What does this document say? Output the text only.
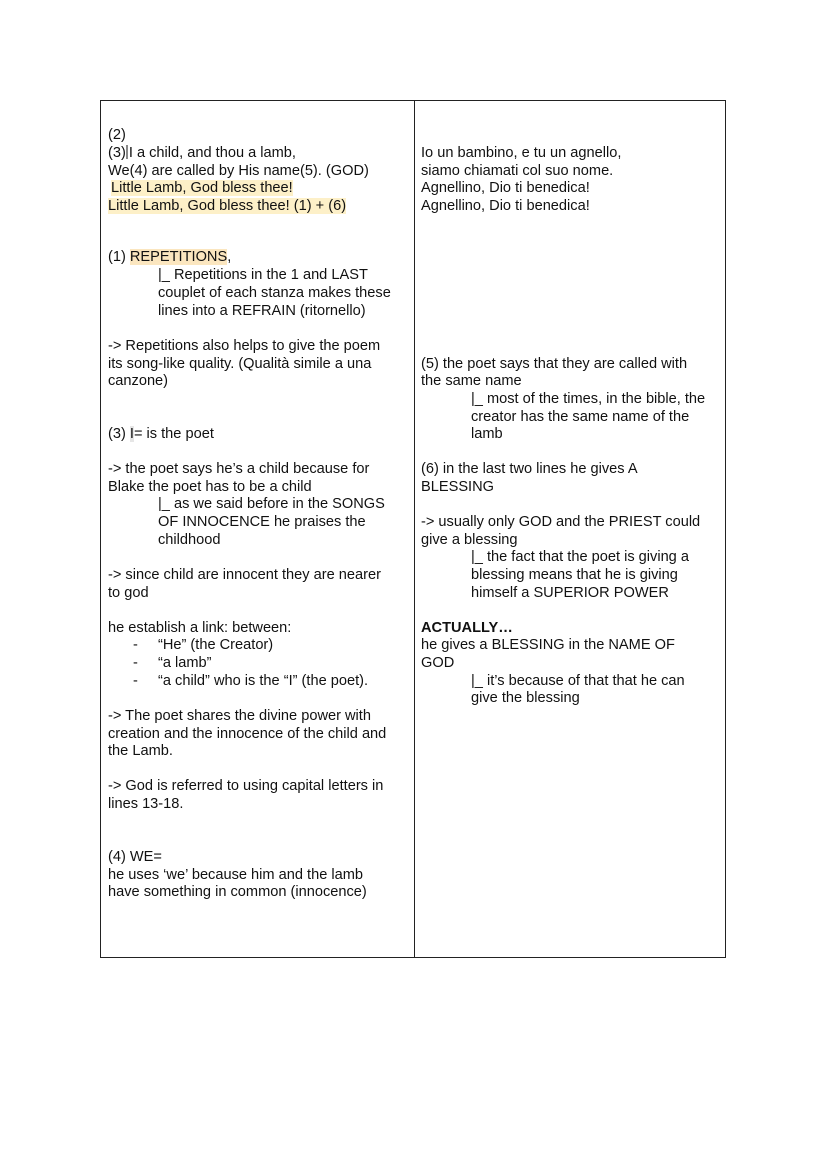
(2)
(3) I a child, and thou a lamb,
We(4) are called by His name(5). (GOD)
Little Lamb, God bless thee!
Little Lamb, God bless thee! (1) + (6)
(1) REPETITIONS,
|_ Repetitions in the 1 and LAST
couplet of each stanza makes these
lines into a REFRAIN (ritornello)
-> Repetitions also helps to give the poem
its song-like quality. (Qualità simile a una
canzone)
(3) I= is the poet
-> the poet says he’s a child because for
Blake the poet has to be a child
|_ as we said before in the SONGS
OF INNOCENCE he praises the
childhood
-> since child are innocent they are nearer
to god
he establish a link: between:
- “He” (the Creator)
- “a lamb”
- “a child” who is the “I” (the poet).
-> The poet shares the divine power with
creation and the innocence of the child and
the Lamb.
-> God is referred to using capital letters in
lines 13-18.
(4) WE=
he uses ‘we’ because him and the lamb
have something in common (innocence)
Io un bambino, e tu un agnello,
siamo chiamati col suo nome.
Agnellino, Dio ti benedica!
Agnellino, Dio ti benedica!
(5) the poet says that they are called with
the same name
|_ most of the times, in the bible, the
creator has the same name of the
lamb
(6) in the last two lines he gives A
BLESSING
-> usually only GOD and the PRIEST could
give a blessing
|_ the fact that the poet is giving a
blessing means that he is giving
himself a SUPERIOR POWER
ACTUALLY…
he gives a BLESSING in the NAME OF
GOD
|_ it’s because of that that he can
give the blessing
